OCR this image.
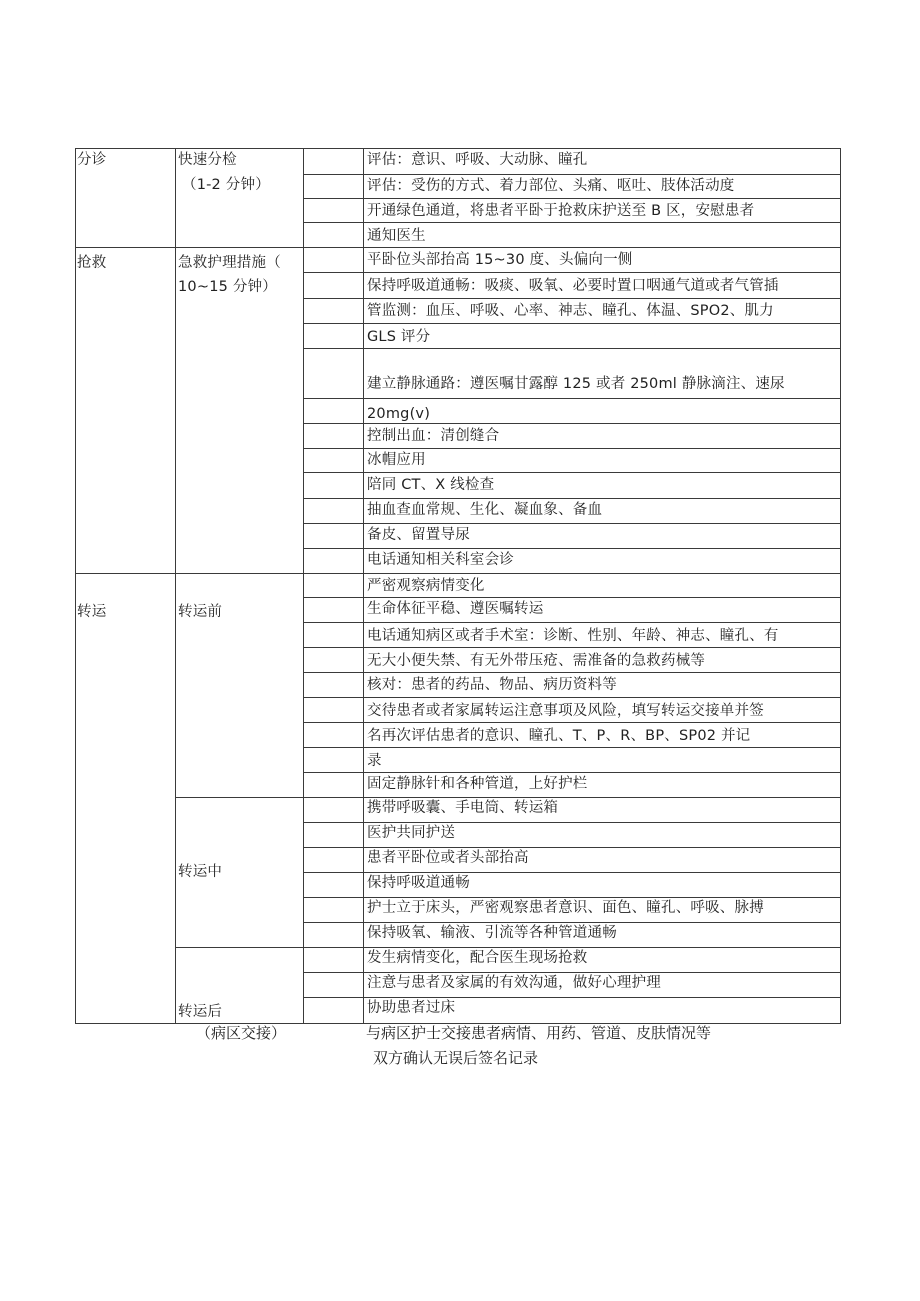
分诊
抢救
转运
快速分检
（1-2 分钟）
急救护理措施（
10~15 分钟）
转运前
转运中
转运后
评估：意识、呼吸、大动脉、瞳孔
评估：受伤的方式、着力部位、头痛、呕吐、肢体活动度
开通绿色通道，将患者平卧于抢救床护送至 B 区，安慰患者
通知医生
平卧位头部抬高 15~30 度、头偏向一侧
保持呼吸道通畅：吸痰、吸氧、必要时置口咽通气道或者气管插
管监测：血压、呼吸、心率、神志、瞳孔、体温、SPO2、肌力
GLS 评分
建立静脉通路：遵医嘱甘露醇 125 或者 250ml 静脉滴注、速尿
20mg(v)
控制出血：清创缝合
冰帽应用
陪同 CT、X 线检查
抽血查血常规、生化、凝血象、备血
备皮、留置导尿
电话通知相关科室会诊
严密观察病情变化
生命体征平稳、遵医嘱转运
电话通知病区或者手术室：诊断、性别、年龄、神志、瞳孔、有
无大小便失禁、有无外带压疮、需准备的急救药械等
核对：患者的药品、物品、病历资料等
交待患者或者家属转运注意事项及风险，填写转运交接单并签
名再次评估患者的意识、瞳孔、T、P、R、BP、SP02 并记
录
固定静脉针和各种管道，上好护栏
携带呼吸囊、手电筒、转运箱
医护共同护送
患者平卧位或者头部抬高
保持呼吸道通畅
护士立于床头，严密观察患者意识、面色、瞳孔、呼吸、脉搏
保持吸氧、输液、引流等各种管道通畅
发生病情变化，配合医生现场抢救
注意与患者及家属的有效沟通，做好心理护理
协助患者过床
（病区交接）	与病区护士交接患者病情、用药、管道、皮肤情况等
双方确认无误后签名记录
